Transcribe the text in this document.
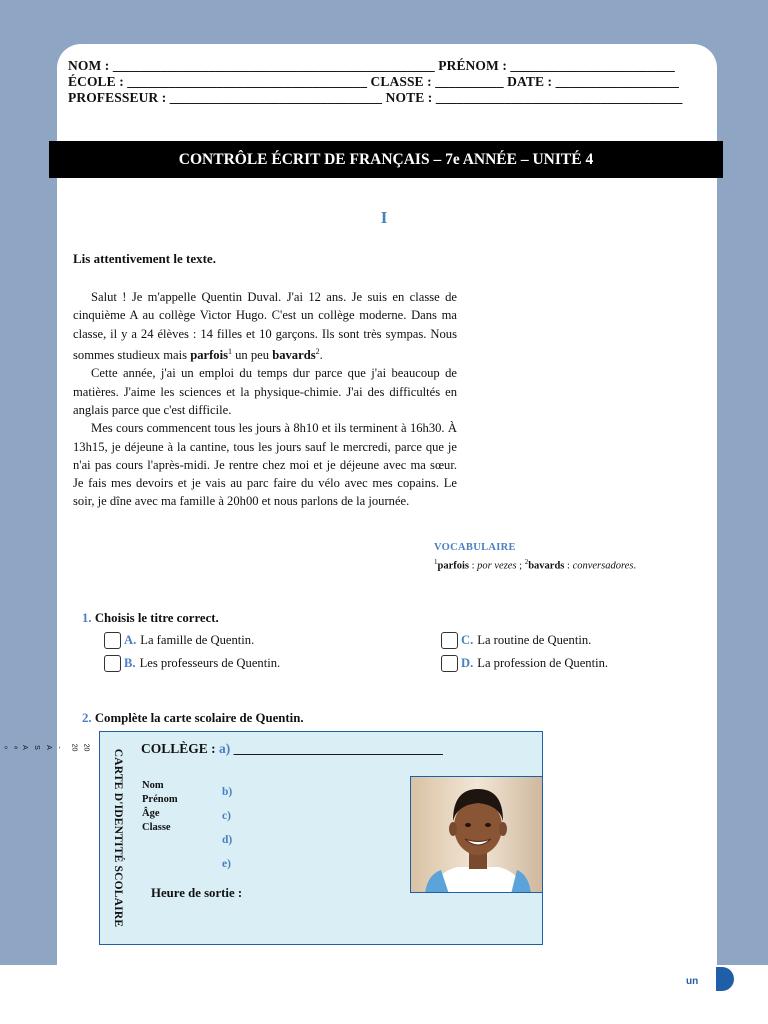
NOM : _______________________________________________ PRÉNOM : ________________________
ÉCOLE : ___________________________________ CLASSE : __________ DATE : __________________
PROFESSEUR : _______________________________ NOTE : ____________________________________
CONTRÔLE ÉCRIT DE FRANÇAIS – 7e ANNÉE – UNITÉ 4
I
Lis attentivement le texte.

Salut ! Je m'appelle Quentin Duval. J'ai 12 ans. Je suis en classe de cinquième A au collège Victor Hugo. C'est un collège moderne. Dans ma classe, il y a 24 élèves : 14 filles et 10 garçons. Ils sont très sympas. Nous sommes studieux mais parfois$^1$ un peu bavards$^2$.

Cette année, j'ai un emploi du temps dur parce que j'ai beaucoup de matières. J'aime les sciences et la physique-chimie. J'ai des difficultés en anglais parce que c'est difficile.

Mes cours commencent tous les jours à 8h10 et ils terminent à 16h30. À 13h15, je déjeune à la cantine, tous les jours sauf le mercredi, parce que je n'ai pas cours l'après-midi. Je rentre chez moi et je déjeune avec ma sœur. Je fais mes devoirs et je vais au parc faire du vélo avec mes copains. Le soir, je dîne avec ma famille à 20h00 et nous parlons de la journée.

VOCABULAIRE
$^1$parfois : por vezes ; $^2$bavards : conversadores.
1. Choisis le titre correct.
A. La famille de Quentin.
B. Les professeurs de Quentin.
C. La routine de Quentin.
D. La profession de Quentin.
2. Complète la carte scolaire de Quentin.
CARTE D'IDENTITÉ SCOLAIRE
COLLÈGE : a) _______________________________
Nom
Prénom
Âge
Classe
b)
c)
d)
e)
Heure de sortie :
20
20
-
A
S
A
ª
º
un
